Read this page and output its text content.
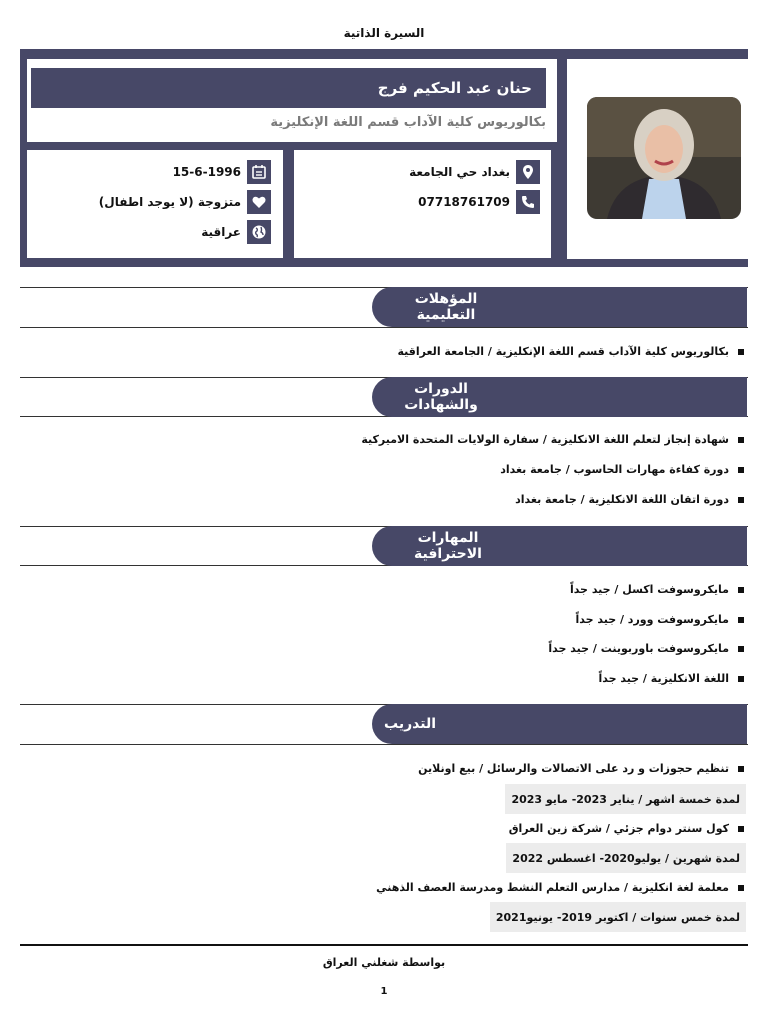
السيرة الذاتية
حنان عبد الحكيم فرج
بكالوريوس كلية الآداب قسم اللغة الإنكليزية
بغداد حي الجامعة
07718761709
15-6-1996
متزوجة (لا يوجد اطفال)
عراقية
المؤهلات التعليمية
بكالوريوس كلية الآداب قسم اللغة الإنكليزية / الجامعة العراقية
الدورات والشهادات
شهادة إنجاز لتعلم اللغة الانكليزية / سفارة الولايات المتحدة الاميركية
دورة كفاءة مهارات الحاسوب / جامعة بغداد
دورة اتقان اللغة الانكليزية / جامعة بغداد
المهارات الاحترافية
مايكروسوفت اكسل / جيد جداً
مايكروسوفت وورد / جيد جداً
مايكروسوفت باوربوينت / جيد جداً
اللغة الانكليزية / جيد جداً
التدريب
تنظيم حجوزات و رد على الاتصالات والرسائل / بيع اونلاين
لمدة خمسة اشهر / يناير 2023- مايو 2023
كول سنتر دوام جزئي / شركة زين العراق
لمدة شهرين / يوليو2020- اغسطس 2022
معلمة لغة انكليزية / مدارس التعلم النشط ومدرسة العصف الذهني
لمدة خمس سنوات / اكتوبر 2019- يونيو2021
بواسطة شغلني العراق
1
